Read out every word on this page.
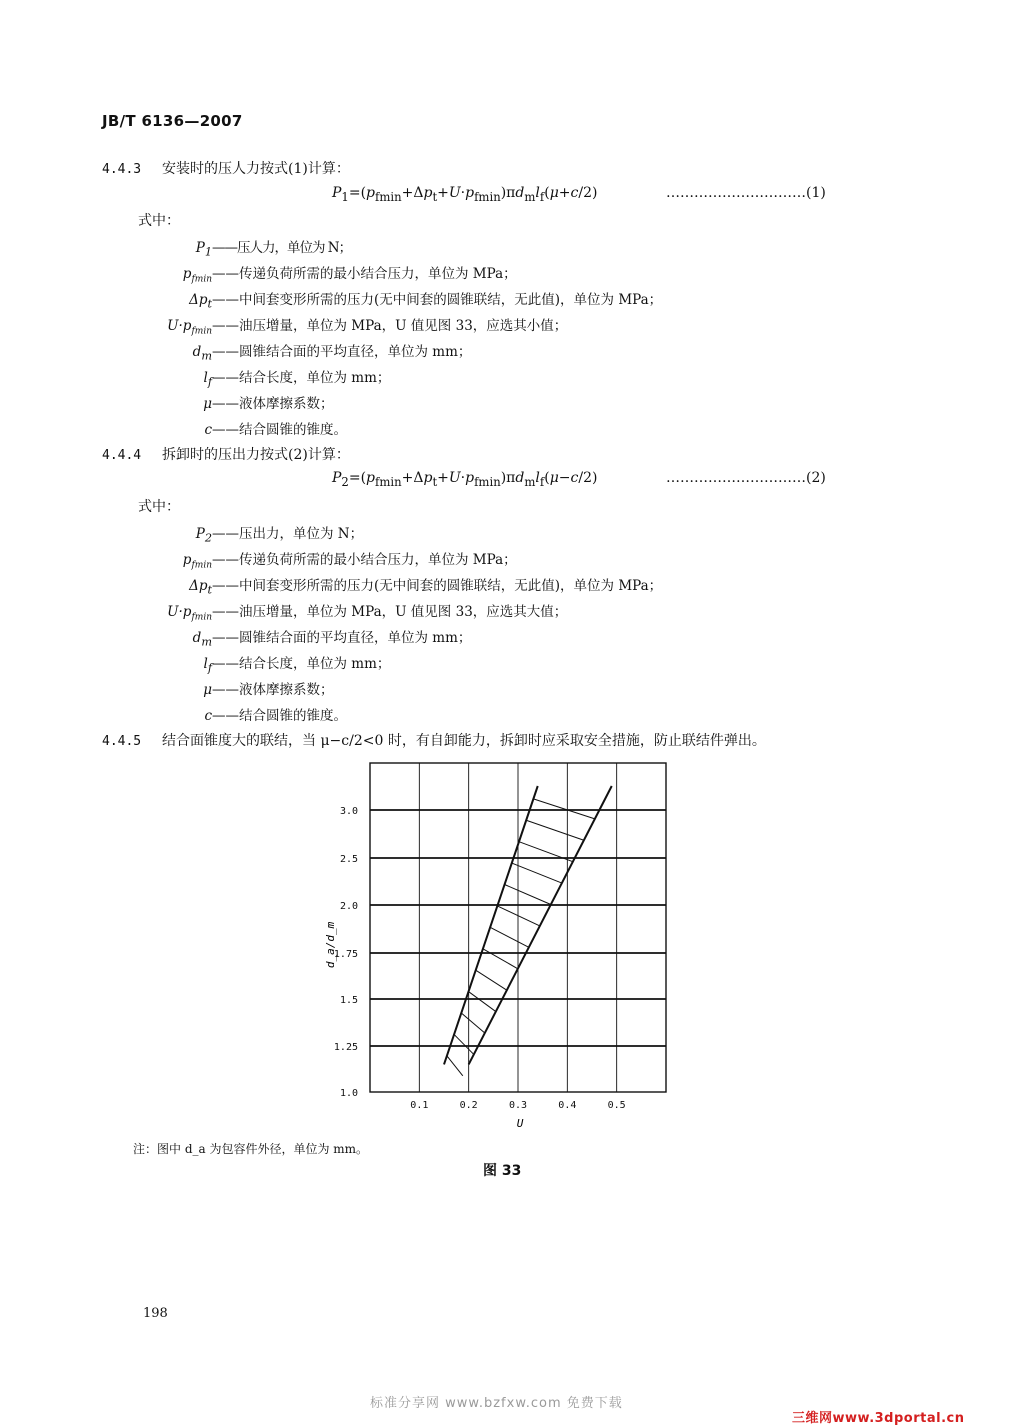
JB/T 6136—2007
4.4.3 安装时的压人力按式(1)计算：
$P_1=(p_{fmin}+\Delta p_t+U\cdot p_{fmin})\pi d_ml_f(\mu+c/2)$	…………………………(1)
式中：
$P_1——$压人力，单位为 N；
$p_{fmin}——$传递负荷所需的最小结合压力，单位为 MPa；
$\Delta p_t——$中间套变形所需的压力(无中间套的圆锥联结，无此值)，单位为 MPa；
$U\cdot p_{fmin}——$油压增量，单位为 MPa，U 值见图 33，应选其小值；
$d_m——$圆锥结合面的平均直径，单位为 mm；
$l_f——$结合长度，单位为 mm；
μ——液体摩擦系数；
c——结合圆锥的锥度。
4.4.4 拆卸时的压出力按式(2)计算：
$P_2=(p_{fmin}+\Delta p_t+U\cdot p_{fmin})\pi d_ml_f(\mu-c/2)$	…………………………(2)
式中：
$P_2——$压出力，单位为 N；
$p_{fmin}——$传递负荷所需的最小结合压力，单位为 MPa；
$\Delta p_t——$中间套变形所需的压力(无中间套的圆锥联结，无此值)，单位为 MPa；
$U\cdot p_{fmin}——$油压增量，单位为 MPa，U 值见图 33，应选其大值；
$d_m——$圆锥结合面的平均直径，单位为 mm；
$l_f——$结合长度，单位为 mm；
μ——液体摩擦系数；
c——结合圆锥的锥度。
4.4.5 结合面锥度大的联结，当 μ−c/2<0 时，有自卸能力，拆卸时应采取安全措施，防止联结件弹出。
1.0
1.25
1.5
1.75
2.0
2.5
3.0
0.1	0.2	0.3	0.4	0.5
d_a/d_m
U
注：图中 d_a 为包容件外径，单位为 mm。
图 33
198
标准分享网 www.bzfxw.com 免费下载
三维网www.3dportal.cn
